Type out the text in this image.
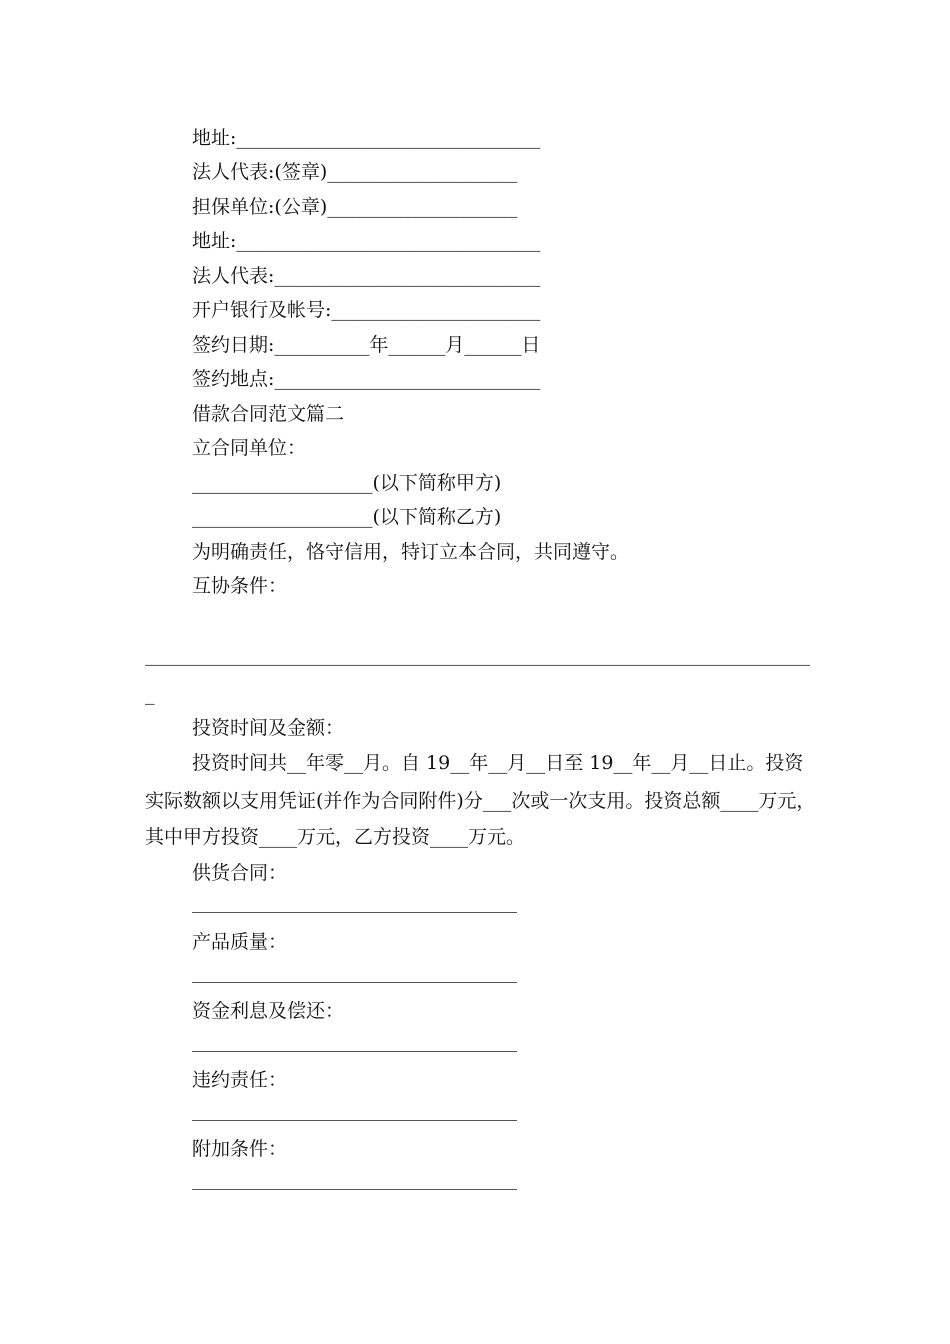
地址:________________________________
法人代表:(签章)____________________
担保单位:(公章)____________________
地址:________________________________
法人代表:____________________________
开户银行及帐号:______________________
签约日期:__________年______月______日
签约地点:____________________________
借款合同范文篇二
立合同单位：
___________________(以下简称甲方)
___________________(以下简称乙方)
为明确责任，恪守信用，特订立本合同，共同遵守。
互协条件：
______________________________________________________________________
_
投资时间及金额：
投资时间共__年零__月。自 19__年__月__日至 19__年__月__日止。投资
实际数额以支用凭证(并作为合同附件)分___次或一次支用。投资总额____万元，
其中甲方投资____万元，乙方投资____万元。
供货合同：
产品质量：
资金利息及偿还：
违约责任：
附加条件：
